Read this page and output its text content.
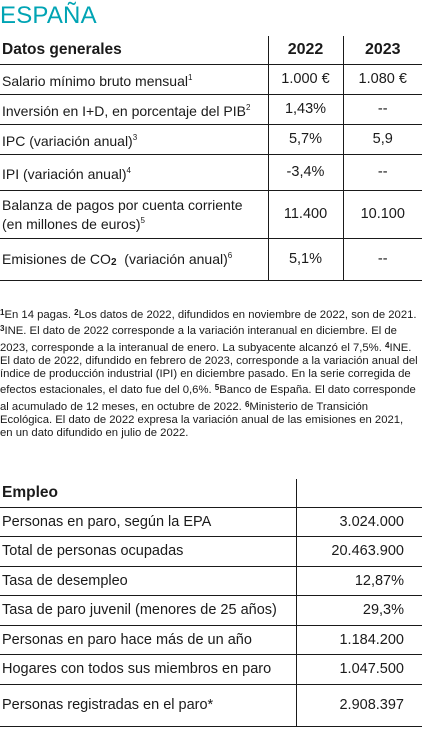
ESPAÑA
Datos generales	2022	2023
Salario mínimo bruto mensual$^1$	1.000 €	1.080 €
Inversión en I+D, en porcentaje del PIB$^2$	1,43%	--
IPC (variación anual)$^3$	5,7%	5,9
IPI (variación anual)$^4$	-3,4%	--
Balanza de pagos por cuenta corriente
(en millones de euros)$^5$	11.400	10.100
Emisiones de $CO_2$  (variación anual)$^6$	5,1%	--
$^1$En 14 pagas. $^2$Los datos de 2022, difundidos en noviembre de 2022, son de 2021. $^3$INE. El dato de 2022 corresponde a la variación interanual en diciembre. El de 2023, corresponde a la interanual de enero. La subyacente alcanzó el 7,5%. $^4$INE. El dato de 2022, difundido en febrero de 2023, corresponde a la variación anual del índice de producción industrial (IPI) en diciembre pasado. En la serie corregida de efectos estacionales, el dato fue del 0,6%. $^5$Banco de España. El dato corresponde al acumulado de 12 meses, en octubre de 2022. $^6$Ministerio de Transición Ecológica. El dato de 2022 expresa la variación anual de las emisiones en 2021, en un dato difundido en julio de 2022.
Empleo	
Personas en paro, según la EPA	3.024.000
Total de personas ocupadas	20.463.900
Tasa de desempleo	12,87%
Tasa de paro juvenil (menores de 25 años)	29,3%
Personas en paro hace más de un año	1.184.200
Hogares con todos sus miembros en paro	1.047.500
Personas registradas en el paro*	2.908.397
